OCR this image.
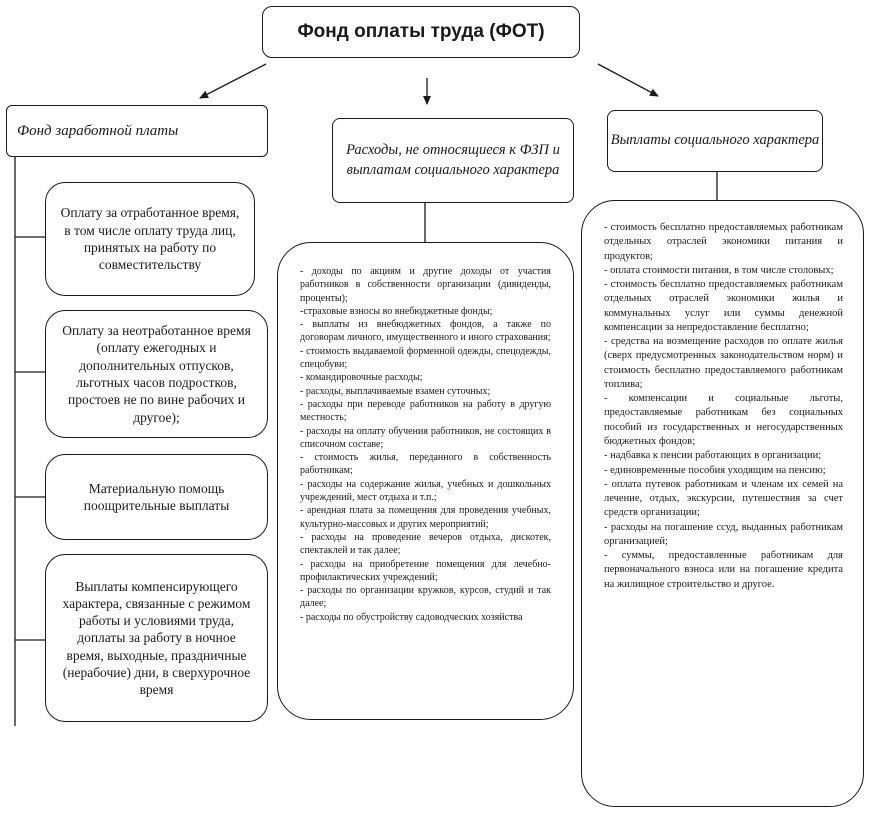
Фонд оплаты труда (ФОТ)
Фонд заработной платы
Расходы, не относящиеся к ФЗП и выплатам социального характера
Выплаты социального характера
Оплату за отработанное время, в том числе оплату труда лиц, принятых на работу по совместительству
Оплату за неотработанное время (оплату ежегодных и дополнительных отпусков, льготных часов подростков, простоев не по вине рабочих и другое);
Материальную помощь поощрительные выплаты
Выплаты компенсирующего характера, связанные с режимом работы и условиями труда, доплаты за работу в ночное время, выходные, праздничные (нерабочие) дни, в сверхурочное время
- доходы по акциям и другие доходы от участия работников в собственности организации (дивиденды, проценты);
-страховые взносы во внебюджетные фонды;
- выплаты из внебюджетных фондов, а также по договорам личного, имущественного и иного страхования;
- стоимость выдаваемой форменной одежды, спецодежды, спецобуви;
- командировочные расходы;
- расходы, выплачиваемые взамен суточных;
- расходы при переводе работников на работу в другую местность;
- расходы на оплату обучения работников, не состоящих в списочном составе;
- стоимость жилья, переданного в собственность работникам;
- расходы на содержание жилья, учебных и дошкольных учреждений, мест отдыха и т.п.;
- арендная плата за помещения для проведения учебных, культурно-массовых и других мероприятий;
- расходы на проведение вечеров отдыха, дискотек, спектаклей и так далее;
- расходы на приобретение помещения для лечебно-профилактических учреждений;
- расходы по организации кружков, курсов, студий и так далее;
- расходы по обустройству садоводческих хозяйства
- стоимость бесплатно предоставляемых работникам отдельных отраслей экономики питания и продуктов;
- оплата стоимости питания, в том числе столовых;
- стоимость бесплатно предоставляемых работникам отдельных отраслей экономики жилья и коммунальных услуг или суммы денежной компенсации за непредоставление бесплатно;
- средства на возмещение расходов по оплате жилья (сверх предусмотренных законодательством норм) и стоимость бесплатно предоставляемого работникам топлива;
- компенсации и социальные льготы, предоставляемые работникам без социальных пособий из государственных и негосударственных бюджетных фондов;
- надбавка к пенсии работающих в организации;
- единовременные пособия уходящим на пенсию;
- оплата путевок работникам и членам их семей на лечение, отдых, экскурсии, путешествия за счет средств организации;
- расходы на погашение ссуд, выданных работникам организацией;
- суммы, предоставленные работникам для первоначального взноса или на погашение кредита на жилищное строительство и другое.
